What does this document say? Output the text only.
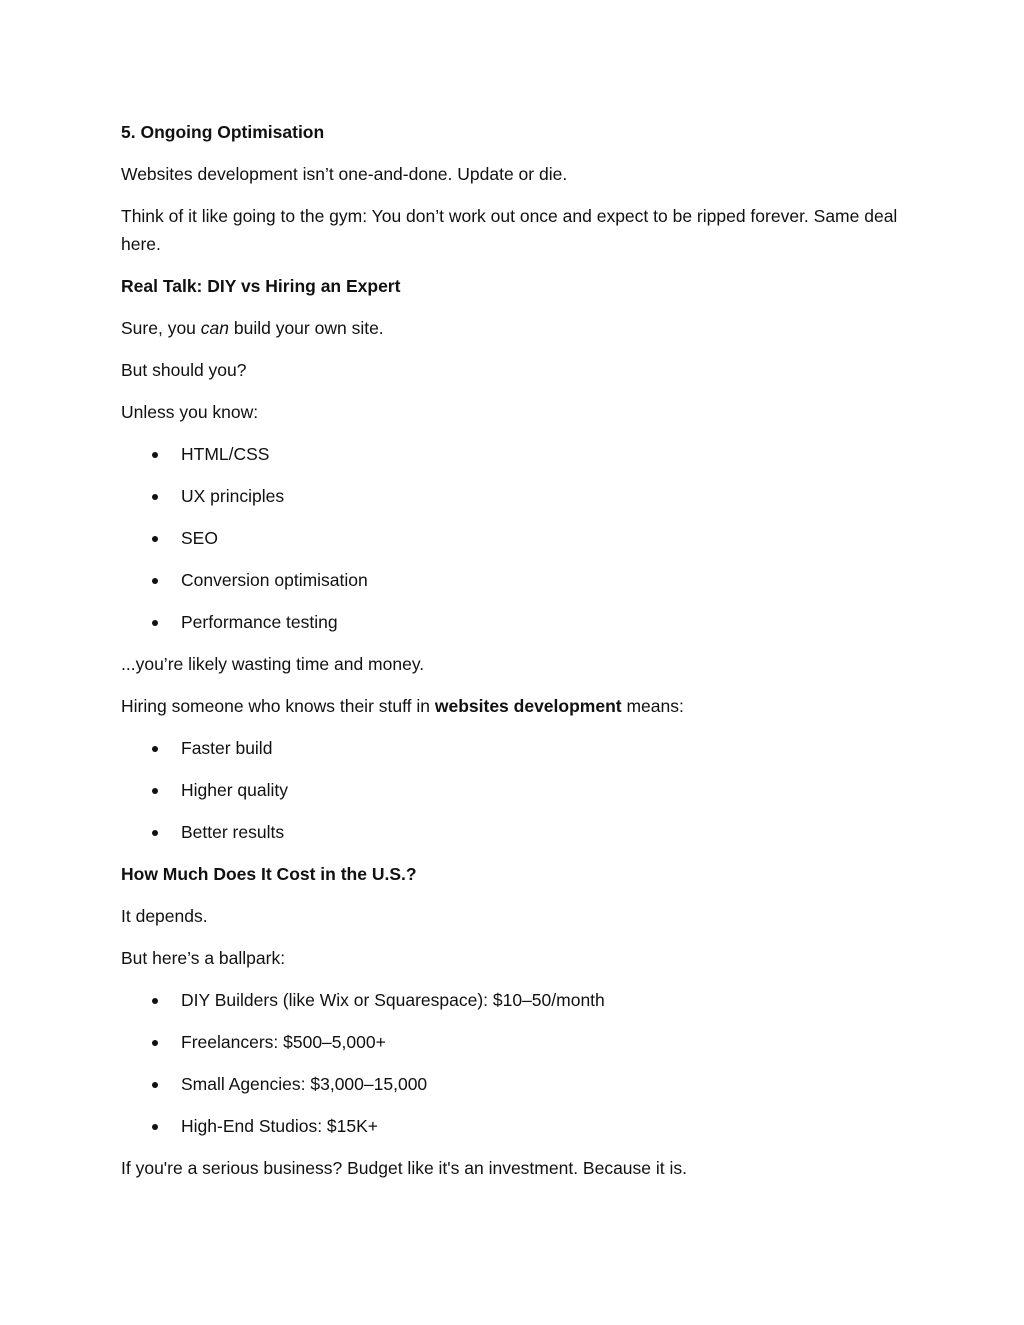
5. Ongoing Optimisation
Websites development isn’t one-and-done. Update or die.
Think of it like going to the gym: You don’t work out once and expect to be ripped forever. Same deal here.
Real Talk: DIY vs Hiring an Expert
Sure, you can build your own site.
But should you?
Unless you know:
HTML/CSS
UX principles
SEO
Conversion optimisation
Performance testing
...you’re likely wasting time and money.
Hiring someone who knows their stuff in websites development means:
Faster build
Higher quality
Better results
How Much Does It Cost in the U.S.?
It depends.
But here’s a ballpark:
DIY Builders (like Wix or Squarespace): $10–50/month
Freelancers: $500–5,000+
Small Agencies: $3,000–15,000
High-End Studios: $15K+
If you're a serious business? Budget like it's an investment. Because it is.
